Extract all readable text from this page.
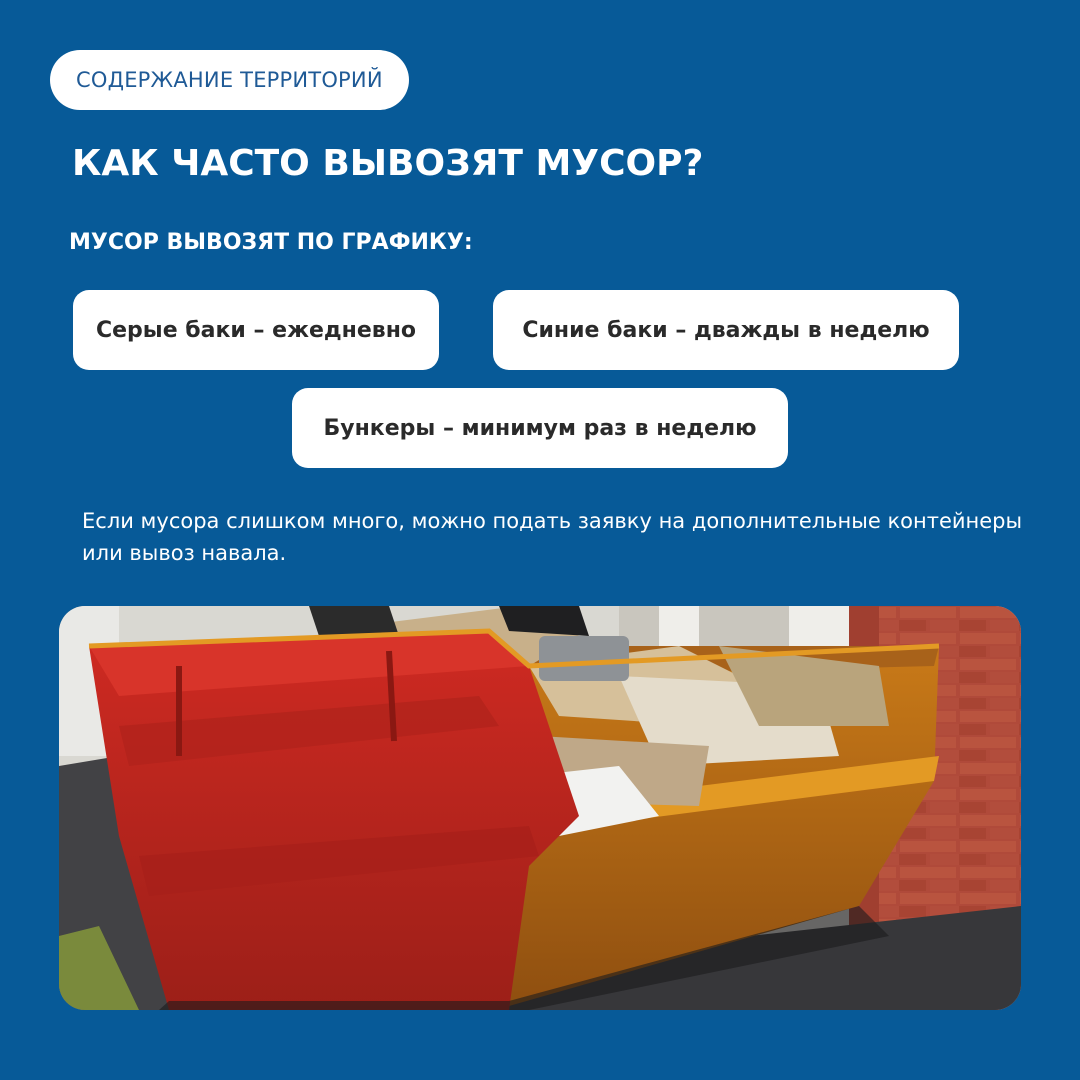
СОДЕРЖАНИЕ ТЕРРИТОРИЙ
КАК ЧАСТО ВЫВОЗЯТ МУСОР?
МУСОР ВЫВОЗЯТ ПО ГРАФИКУ:
Серые баки – ежедневно	Синие баки – дважды в неделю
Бункеры – минимум раз в неделю
Если мусора слишком много, можно подать заявку на дополнительные контейнеры или вывоз навала.
